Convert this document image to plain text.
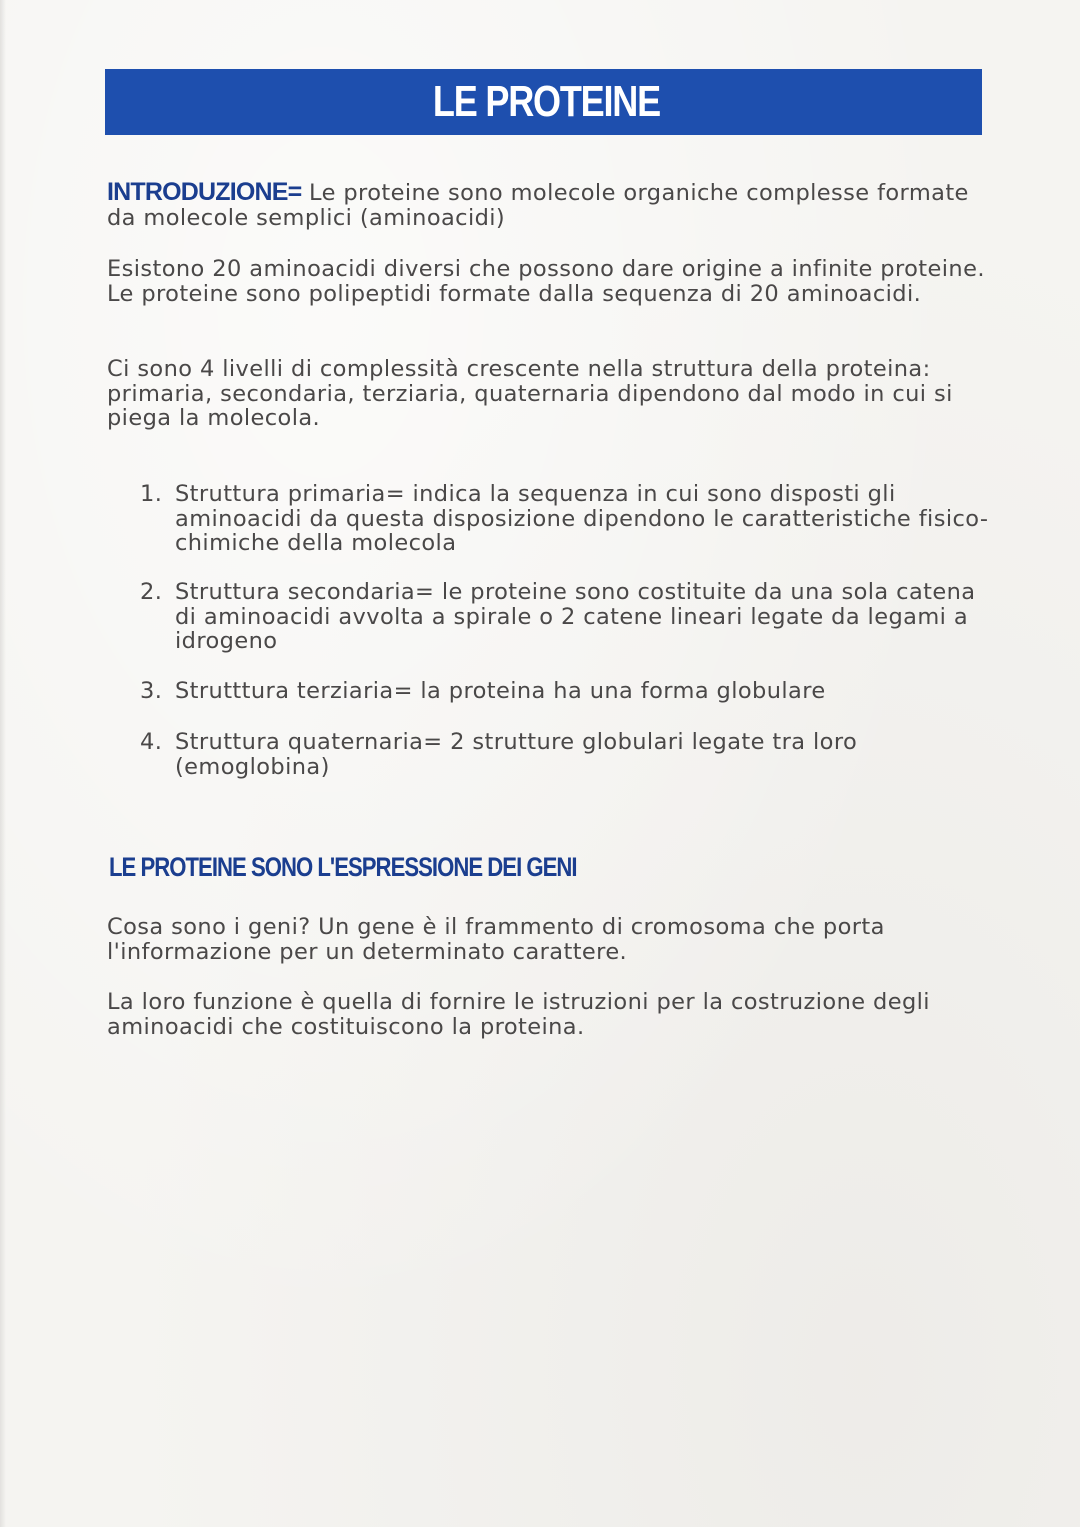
LE PROTEINE

INTRODUZIONE= Le proteine sono molecole organiche complesse formate da molecole semplici (aminoacidi)

Esistono 20 aminoacidi diversi che possono dare origine a infinite proteine. Le proteine sono polipeptidi formate dalla sequenza di 20 aminoacidi.

Ci sono 4 livelli di complessità crescente nella struttura della proteina: primaria, secondaria, terziaria, quaternaria dipendono dal modo in cui si piega la molecola.

1. Struttura primaria= indica la sequenza in cui sono disposti gli aminoacidi da questa disposizione dipendono le caratteristiche fisico-chimiche della molecola
2. Struttura secondaria= le proteine sono costituite da una sola catena di aminoacidi avvolta a spirale o 2 catene lineari legate da legami a idrogeno
3. Strutttura terziaria= la proteina ha una forma globulare
4. Struttura quaternaria= 2 strutture globulari legate tra loro (emoglobina)
LE PROTEINE SONO L'ESPRESSIONE DEI GENI

Cosa sono i geni? Un gene è il frammento di cromosoma che porta l'informazione per un determinato carattere.

La loro funzione è quella di fornire le istruzioni per la costruzione degli aminoacidi che costituiscono la proteina.
